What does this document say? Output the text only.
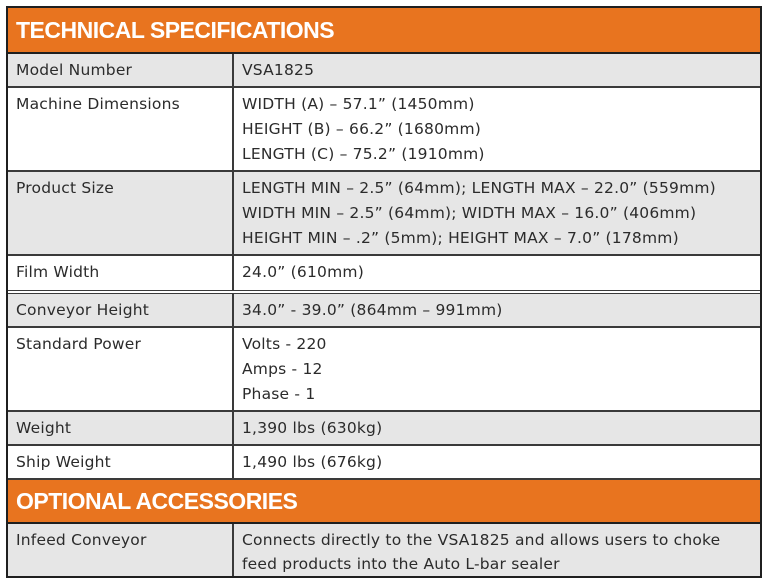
TECHNICAL SPECIFICATIONS
Model Number	VSA1825
Machine Dimensions	WIDTH (A) – 57.1” (1450mm)
HEIGHT (B) – 66.2” (1680mm)
LENGTH (C) – 75.2” (1910mm)
Product Size	LENGTH MIN – 2.5” (64mm); LENGTH MAX – 22.0” (559mm)
WIDTH MIN – 2.5” (64mm); WIDTH MAX – 16.0” (406mm)
HEIGHT MIN – .2” (5mm); HEIGHT MAX – 7.0” (178mm)
Film Width	24.0” (610mm)
Conveyor Height	34.0” - 39.0” (864mm – 991mm)
Standard Power	Volts - 220
Amps - 12
Phase - 1
Weight	1,390 lbs (630kg)
Ship Weight	1,490 lbs (676kg)
OPTIONAL ACCESSORIES
Infeed Conveyor	Connects directly to the VSA1825 and allows users to choke
feed products into the Auto L-bar sealer
